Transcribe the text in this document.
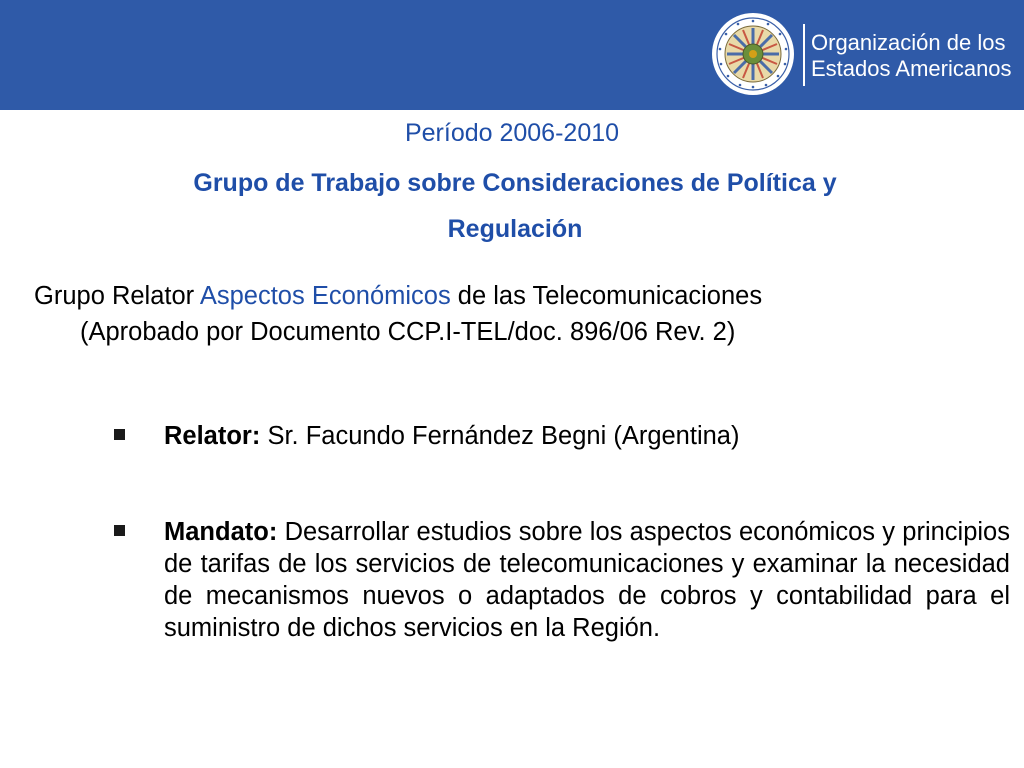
Organización de los
Estados Americanos
Período 2006-2010
Grupo de Trabajo sobre Consideraciones de Política y
Regulación
Grupo Relator Aspectos Económicos de las Telecomunicaciones
(Aprobado por Documento CCP.I-TEL/doc. 896/06 Rev. 2)
Relator: Sr. Facundo Fernández Begni (Argentina)
Mandato: Desarrollar estudios sobre los aspectos económicos y principios de tarifas de los servicios de telecomunicaciones y examinar la necesidad de mecanismos nuevos o adaptados de cobros y contabilidad para el suministro de dichos servicios en la Región.
